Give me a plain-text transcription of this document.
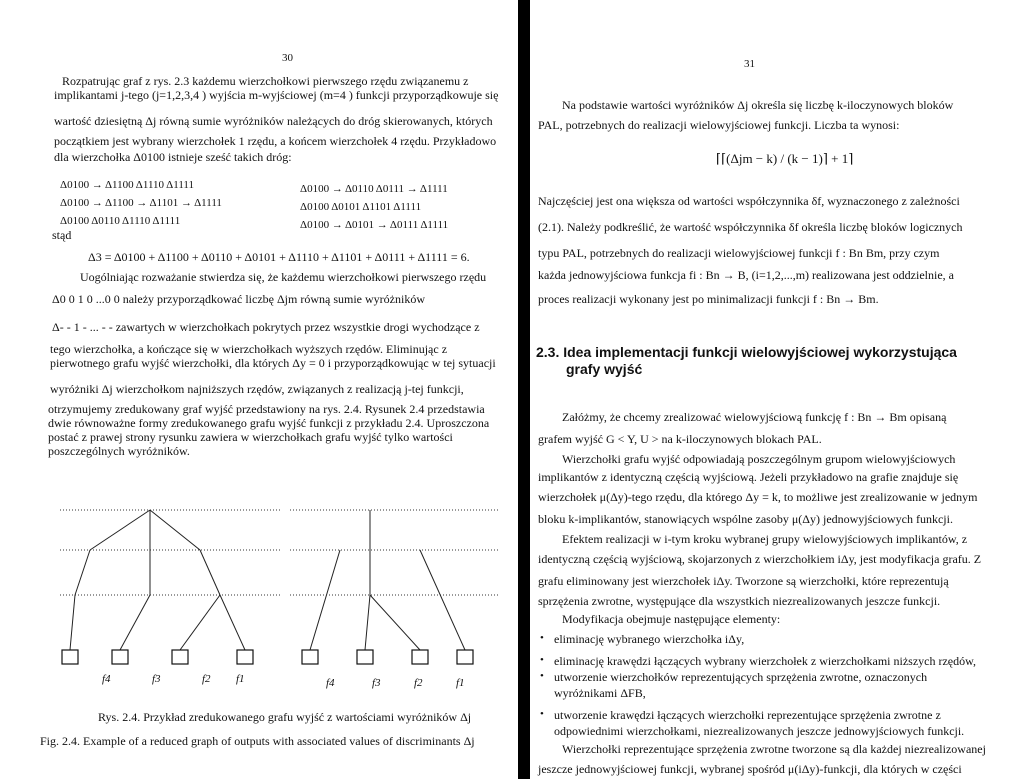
30
Rozpatrując graf z rys. 2.3 każdemu wierzchołkowi pierwszego rzędu związanemu z
implikantami j-tego (j=1,2,3,4 ) wyjścia m-wyjściowej (m=4 ) funkcji przyporządkowuje się
wartość dziesiętną Δj równą sumie wyróżników należących do dróg skierowanych, których
początkiem jest wybrany wierzchołek 1 rzędu, a końcem wierzchołek 4 rzędu. Przykładowo
dla wierzchołka Δ0100 istnieje sześć takich dróg:
Δ0100 → Δ1100 Δ1110 Δ1111
Δ0100 → Δ1100 → Δ1101 → Δ1111
Δ0100 Δ0110 Δ1110 Δ1111
Δ0100 → Δ0110 Δ0111 → Δ1111
Δ0100 Δ0101 Δ1101 Δ1111
Δ0100 → Δ0101 → Δ0111 Δ1111
stąd
Δ3 = Δ0100 + Δ1100 + Δ0110 + Δ0101 + Δ1110 + Δ1101 + Δ0111 + Δ1111 = 6.
Uogólniając rozważanie stwierdza się, że każdemu wierzchołkowi pierwszego rzędu
Δ0 0 1 0 ...0 0 należy przyporządkować liczbę Δjm równą sumie wyróżników
Δ- - 1 - ... - - zawartych w wierzchołkach pokrytych przez wszystkie drogi wychodzące z
tego wierzchołka, a kończące się w wierzchołkach wyższych rzędów. Eliminując z
pierwotnego grafu wyjść wierzchołki, dla których Δy = 0 i przyporządkowując w tej sytuacji
wyróżniki Δj wierzchołkom najniższych rzędów, związanych z realizacją j-tej funkcji,
otrzymujemy zredukowany graf wyjść przedstawiony na rys. 2.4. Rysunek 2.4 przedstawia
dwie równoważne formy zredukowanego grafu wyjść funkcji z przykładu 2.4. Uproszczona
postać z prawej strony rysunku zawiera w wierzchołkach grafu wyjść tylko wartości
poszczególnych wyróżników.
f4	f3	f2 f1	f4	f3	f2	f1
Rys. 2.4. Przykład zredukowanego grafu wyjść z wartościami wyróżników Δj
Fig. 2.4. Example of a reduced graph of outputs with associated values of discriminants Δj
31
Na podstawie wartości wyróżników Δj określa się liczbę k-iloczynowych bloków
PAL, potrzebnych do realizacji wielowyjściowej funkcji. Liczba ta wynosi:
⌈⌈(Δjm − k) / (k − 1)⌉ + 1⌉
Najczęściej jest ona większa od wartości współczynnika δf, wyznaczonego z zależności
(2.1). Należy podkreślić, że wartość współczynnika δf określa liczbę bloków logicznych
typu PAL, potrzebnych do realizacji wielowyjściowej funkcji f : Bn Bm, przy czym
każda jednowyjściowa funkcja fi : Bn → B, (i=1,2,...,m) realizowana jest oddzielnie, a
proces realizacji wykonany jest po minimalizacji funkcji f : Bn → Bm.
2.3. Idea implementacji funkcji wielowyjściowej wykorzystująca
grafy wyjść
Załóżmy, że chcemy zrealizować wielowyjściową funkcję f : Bn → Bm opisaną
grafem wyjść G < Y, U > na k-iloczynowych blokach PAL.
Wierzchołki grafu wyjść odpowiadają poszczególnym grupom wielowyjściowych
implikantów z identyczną częścią wyjściową. Jeżeli przykładowo na grafie znajduje się
wierzchołek μ(Δy)-tego rzędu, dla którego Δy = k, to możliwe jest zrealizowanie w jednym
bloku k-implikantów, stanowiących wspólne zasoby μ(Δy) jednowyjściowych funkcji.
Efektem realizacji w i-tym kroku wybranej grupy wielowyjściowych implikantów, z
identyczną częścią wyjściową, skojarzonych z wierzchołkiem iΔy, jest modyfikacja grafu. Z
grafu eliminowany jest wierzchołek iΔy. Tworzone są wierzchołki, które reprezentują
sprzężenia zwrotne, występujące dla wszystkich niezrealizowanych jeszcze funkcji.
Modyfikacja obejmuje następujące elementy:
• eliminację wybranego wierzchołka iΔy,
• eliminację krawędzi łączących wybrany wierzchołek z wierzchołkami niższych rzędów,
• utworzenie wierzchołków reprezentujących sprzężenia zwrotne, oznaczonych
wyróżnikami ΔFB,
• utworzenie krawędzi łączących wierzchołki reprezentujące sprzężenia zwrotne z
odpowiednimi wierzchołkami, niezrealizowanych jeszcze jednowyjściowych funkcji.
Wierzchołki reprezentujące sprzężenia zwrotne tworzone są dla każdej niezrealizowanej
jeszcze jednowyjściowej funkcji, wybranej spośród μ(iΔy)-funkcji, dla których w części
